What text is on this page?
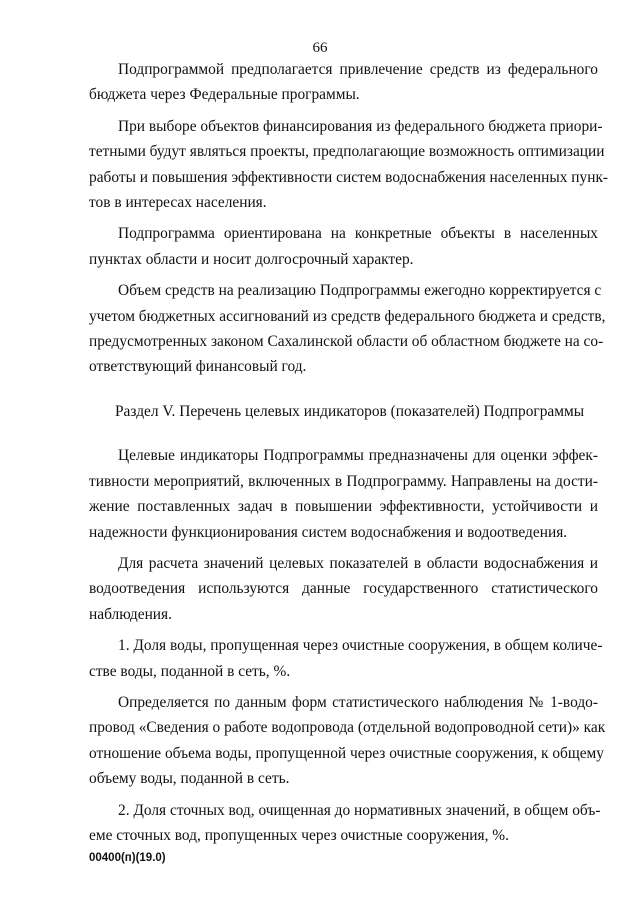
66
Подпрограммой предполагается привлечение средств из федерального
бюджета через Федеральные программы.
При выборе объектов финансирования из федерального бюджета приори-
тетными будут являться проекты, предполагающие возможность оптимизации
работы и повышения эффективности систем водоснабжения населенных пунк-
тов в интересах населения.
Подпрограмма ориентирована на конкретные объекты в населенных
пунктах области и носит долгосрочный характер.
Объем средств на реализацию Подпрограммы ежегодно корректируется с
учетом бюджетных ассигнований из средств федерального бюджета и средств,
предусмотренных законом Сахалинской области об областном бюджете на со-
ответствующий финансовый год.
Раздел V. Перечень целевых индикаторов (показателей) Подпрограммы
Целевые индикаторы Подпрограммы предназначены для оценки эффек-
тивности мероприятий, включенных в Подпрограмму. Направлены на дости-
жение поставленных задач в повышении эффективности, устойчивости и
надежности функционирования систем водоснабжения и водоотведения.
Для расчета значений целевых показателей в области водоснабжения и
водоотведения используются данные государственного статистического
наблюдения.
1. Доля воды, пропущенная через очистные сооружения, в общем количе-
стве воды, поданной в сеть, %.
Определяется по данным форм статистического наблюдения № 1-водо-
провод «Сведения о работе водопровода (отдельной водопроводной сети)» как
отношение объема воды, пропущенной через очистные сооружения, к общему
объему воды, поданной в сеть.
2. Доля сточных вод, очищенная до нормативных значений, в общем объ-
еме сточных вод, пропущенных через очистные сооружения, %.
00400(п)(19.0)
